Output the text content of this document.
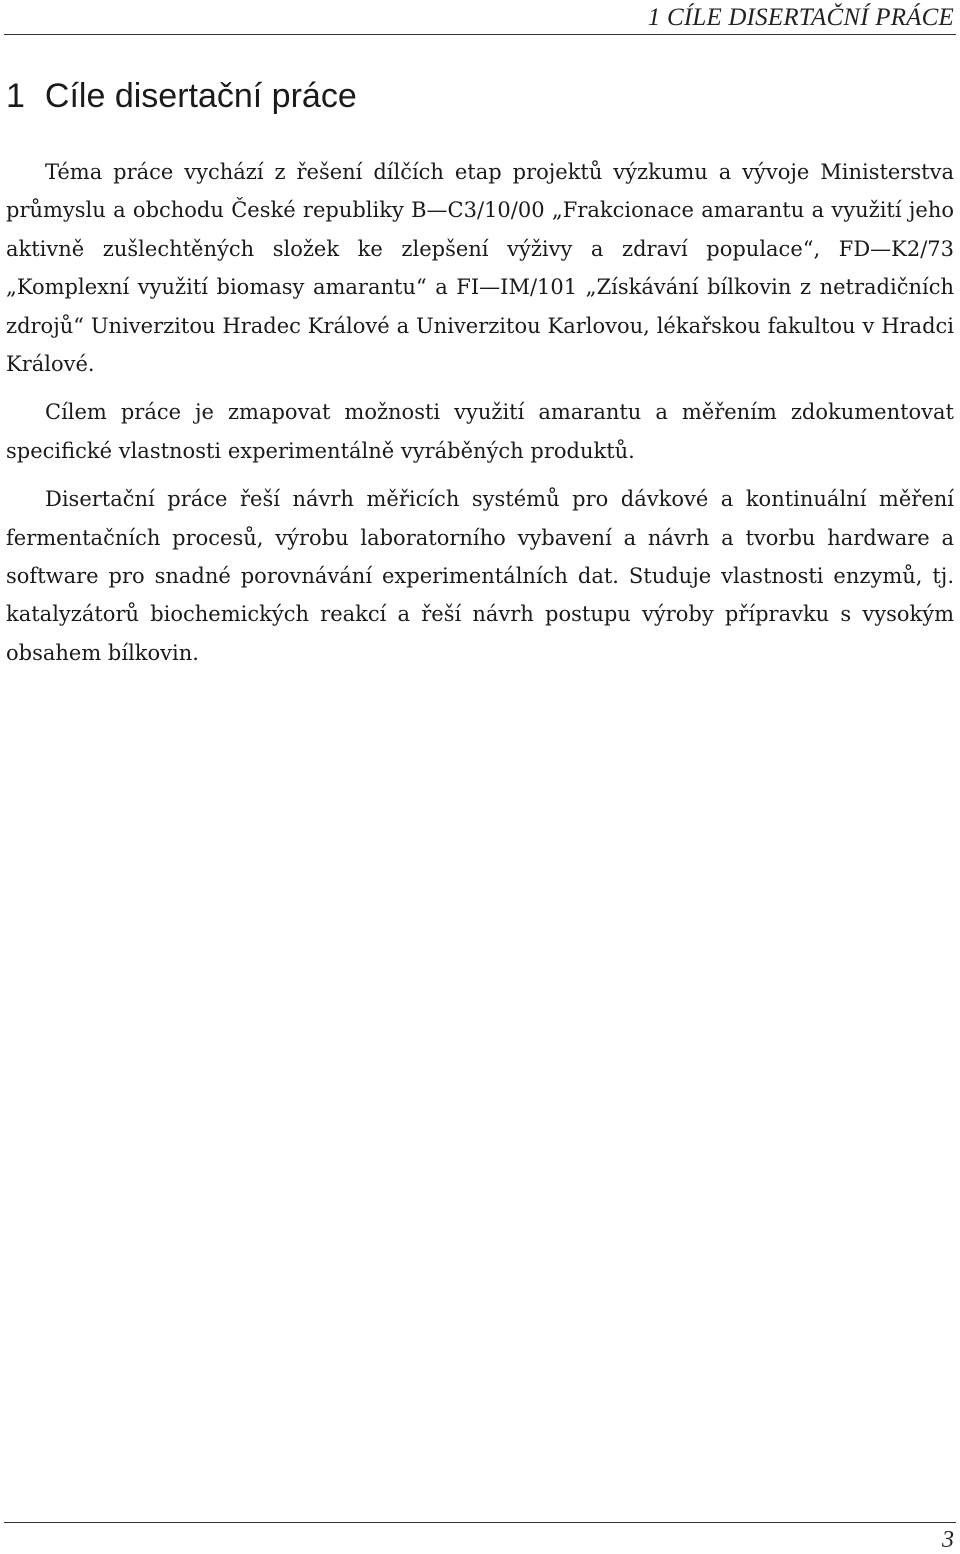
1 CÍLE DISERTAČNÍ PRÁCE
1 Cíle disertační práce

Téma práce vychází z řešení dílčích etap projektů výzkumu a vývoje Ministerstva průmyslu a obchodu České republiky B—C3/10/00 „Frakcionace amarantu a využití jeho aktivně zušlechtěných složek ke zlepšení výživy a zdraví populace“, FD—K2/73 „Komplexní využití biomasy amarantu“ a FI—IM/101 „Získávání bílkovin z netradičních zdrojů“ Univerzitou Hradec Králové a Univerzitou Karlovou, lékařskou fakultou v Hradci Králové.

Cílem práce je zmapovat možnosti využití amarantu a měřením zdokumentovat specifické vlastnosti experimentálně vyráběných produktů.

Disertační práce řeší návrh měřicích systémů pro dávkové a kontinuální měření fermentačních procesů, výrobu laboratorního vybavení a návrh a tvorbu hardware a software pro snadné porovnávání experimentálních dat. Studuje vlastnosti enzymů, tj. katalyzátorů biochemických reakcí a řeší návrh postupu výroby přípravku s vysokým obsahem bílkovin.

3
